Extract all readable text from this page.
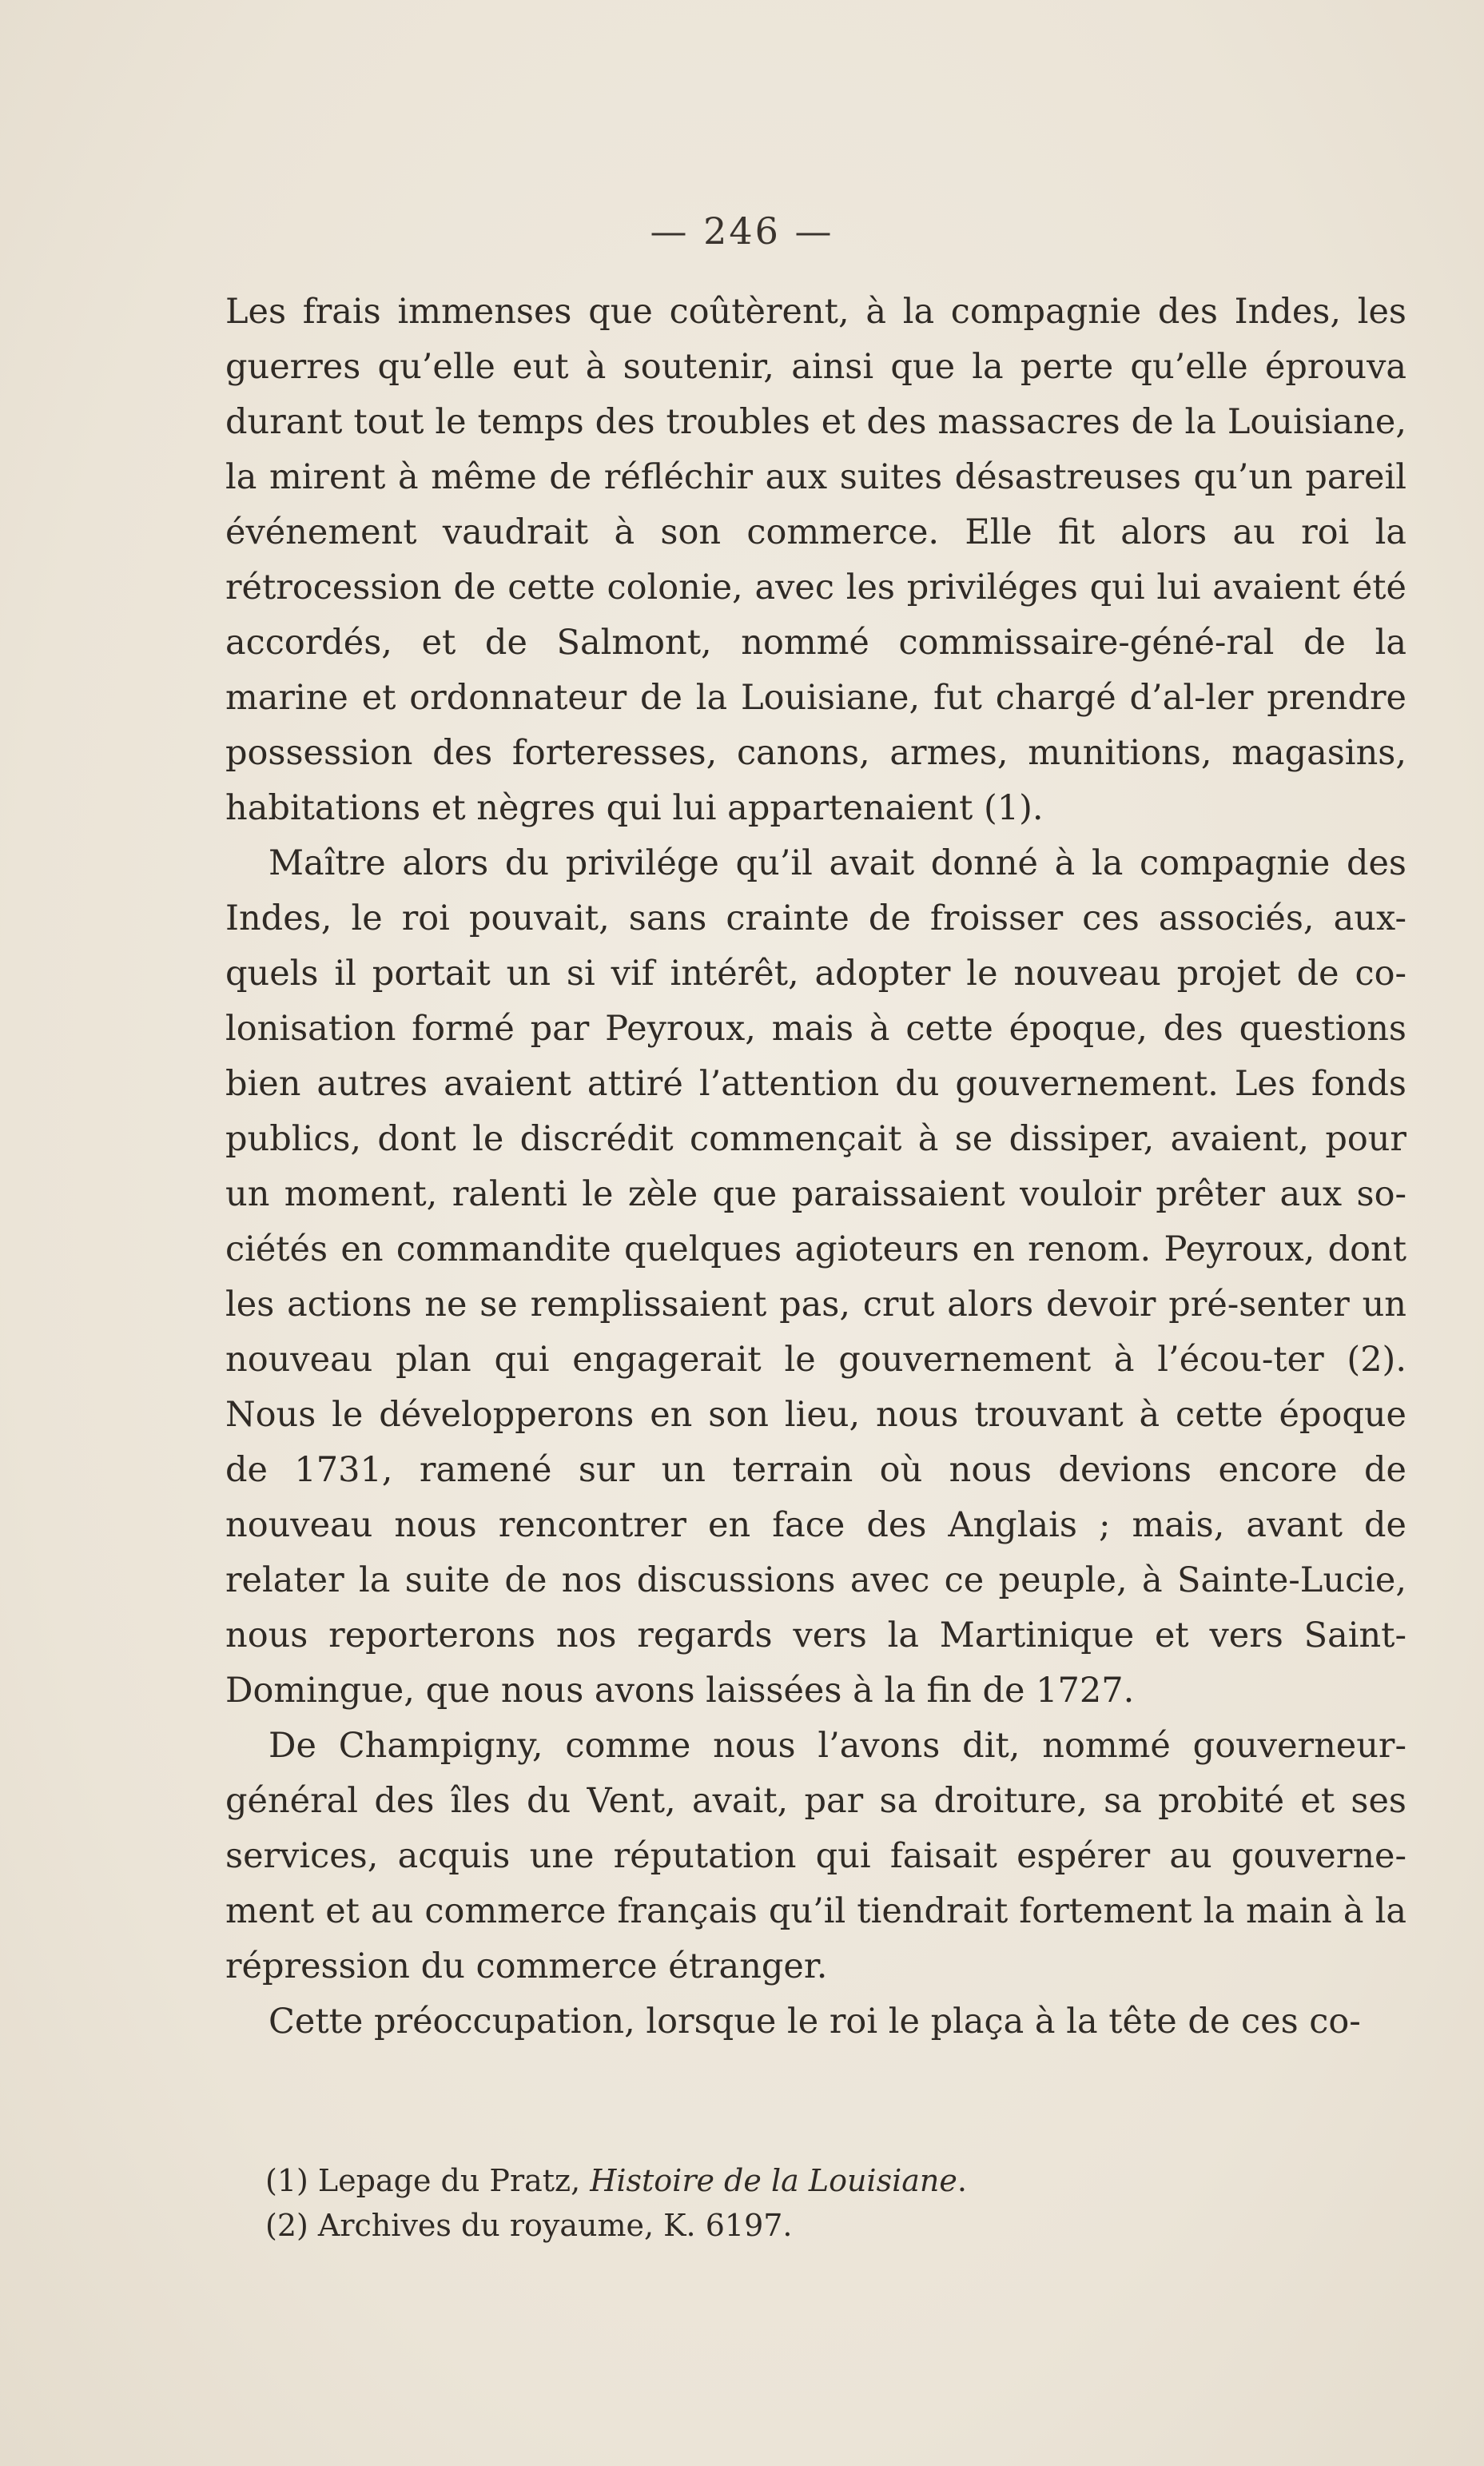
— 246 —

Les frais immenses que coûtèrent, à la compagnie des Indes, les guerres qu’elle eut à soutenir, ainsi que la perte qu’elle éprouva durant tout le temps des troubles et des massacres de la Louisiane, la mirent à même de réfléchir aux suites désastreuses qu’un pareil événement vaudrait à son commerce. Elle fit alors au roi la rétrocession de cette colonie, avec les priviléges qui lui avaient été accordés, et de Salmont, nommé commissaire-géné-ral de la marine et ordonnateur de la Louisiane, fut chargé d’al-ler prendre possession des forteresses, canons, armes, munitions, magasins, habitations et nègres qui lui appartenaient (1).

Maître alors du privilége qu’il avait donné à la compagnie des Indes, le roi pouvait, sans crainte de froisser ces associés, aux-quels il portait un si vif intérêt, adopter le nouveau projet de co-lonisation formé par Peyroux, mais à cette époque, des questions bien autres avaient attiré l’attention du gouvernement. Les fonds publics, dont le discrédit commençait à se dissiper, avaient, pour un moment, ralenti le zèle que paraissaient vouloir prêter aux so-ciétés en commandite quelques agioteurs en renom. Peyroux, dont les actions ne se remplissaient pas, crut alors devoir pré-senter un nouveau plan qui engagerait le gouvernement à l’écou-ter (2). Nous le développerons en son lieu, nous trouvant à cette époque de 1731, ramené sur un terrain où nous devions encore de nouveau nous rencontrer en face des Anglais ; mais, avant de relater la suite de nos discussions avec ce peuple, à Sainte-Lucie, nous reporterons nos regards vers la Martinique et vers Saint-Domingue, que nous avons laissées à la fin de 1727.

De Champigny, comme nous l’avons dit, nommé gouverneur-général des îles du Vent, avait, par sa droiture, sa probité et ses services, acquis une réputation qui faisait espérer au gouverne-ment et au commerce français qu’il tiendrait fortement la main à la répression du commerce étranger.

Cette préoccupation, lorsque le roi le plaça à la tête de ces co-

(1) Lepage du Pratz, Histoire de la Louisiane.
(2) Archives du royaume, K. 6197.
